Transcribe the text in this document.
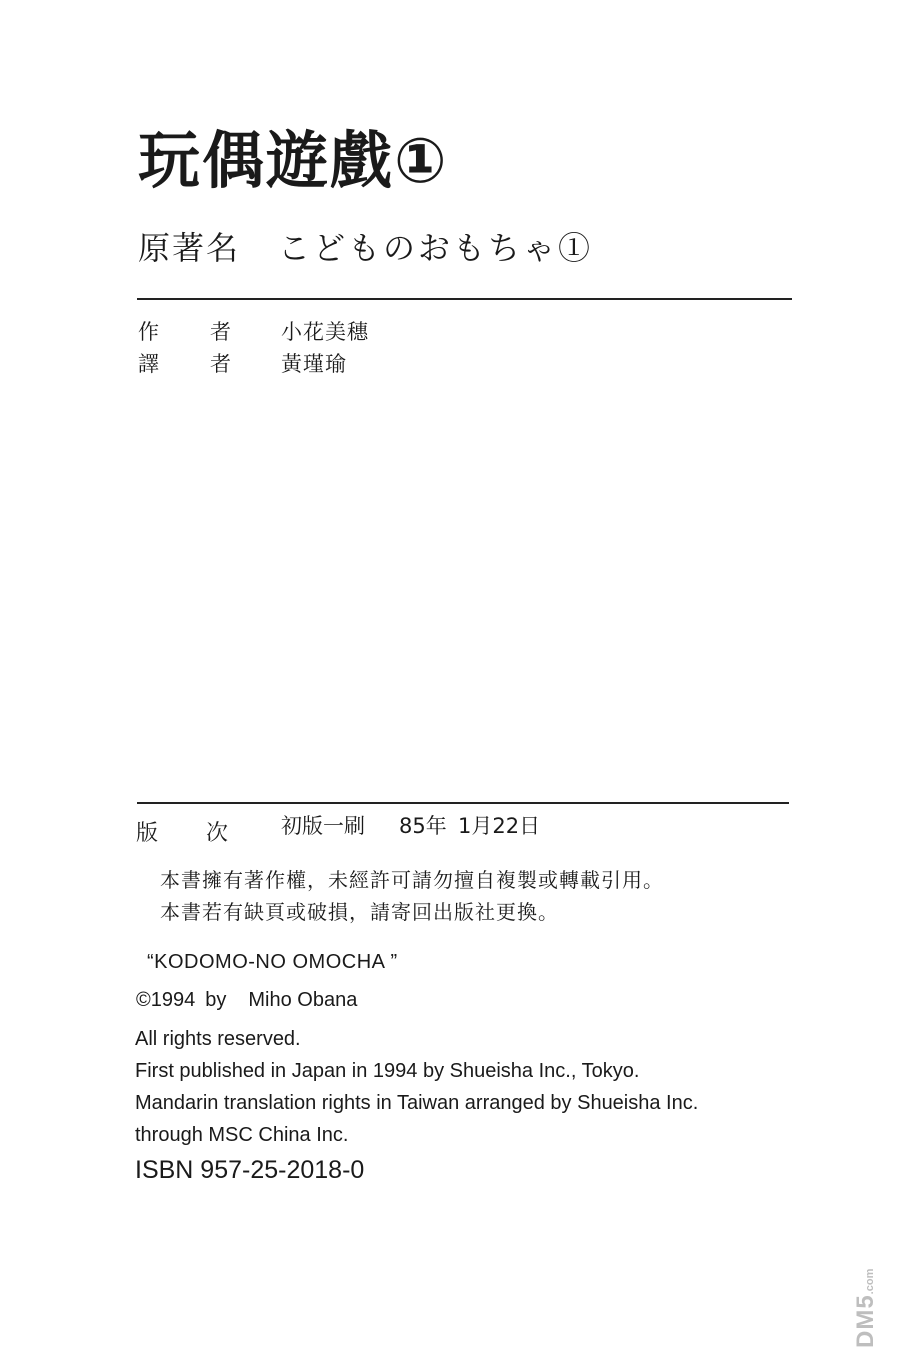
玩偶遊戲①
原著名 こどものおもちゃ①
作 者 小花美穗
譯 者 黃瑾瑜
版 次	初版一刷 85年 1月22日
本書擁有著作權，未經許可請勿擅自複製或轉載引用。
本書若有缺頁或破損，請寄回出版社更換。
“KODOMO-NO OMOCHA ”
©1994 by Miho Obana
All rights reserved.
First published in Japan in 1994 by Shueisha Inc., Tokyo.
Mandarin translation rights in Taiwan arranged by Shueisha Inc.
through MSC China Inc.
ISBN 957-25-2018-0
DM5.com
